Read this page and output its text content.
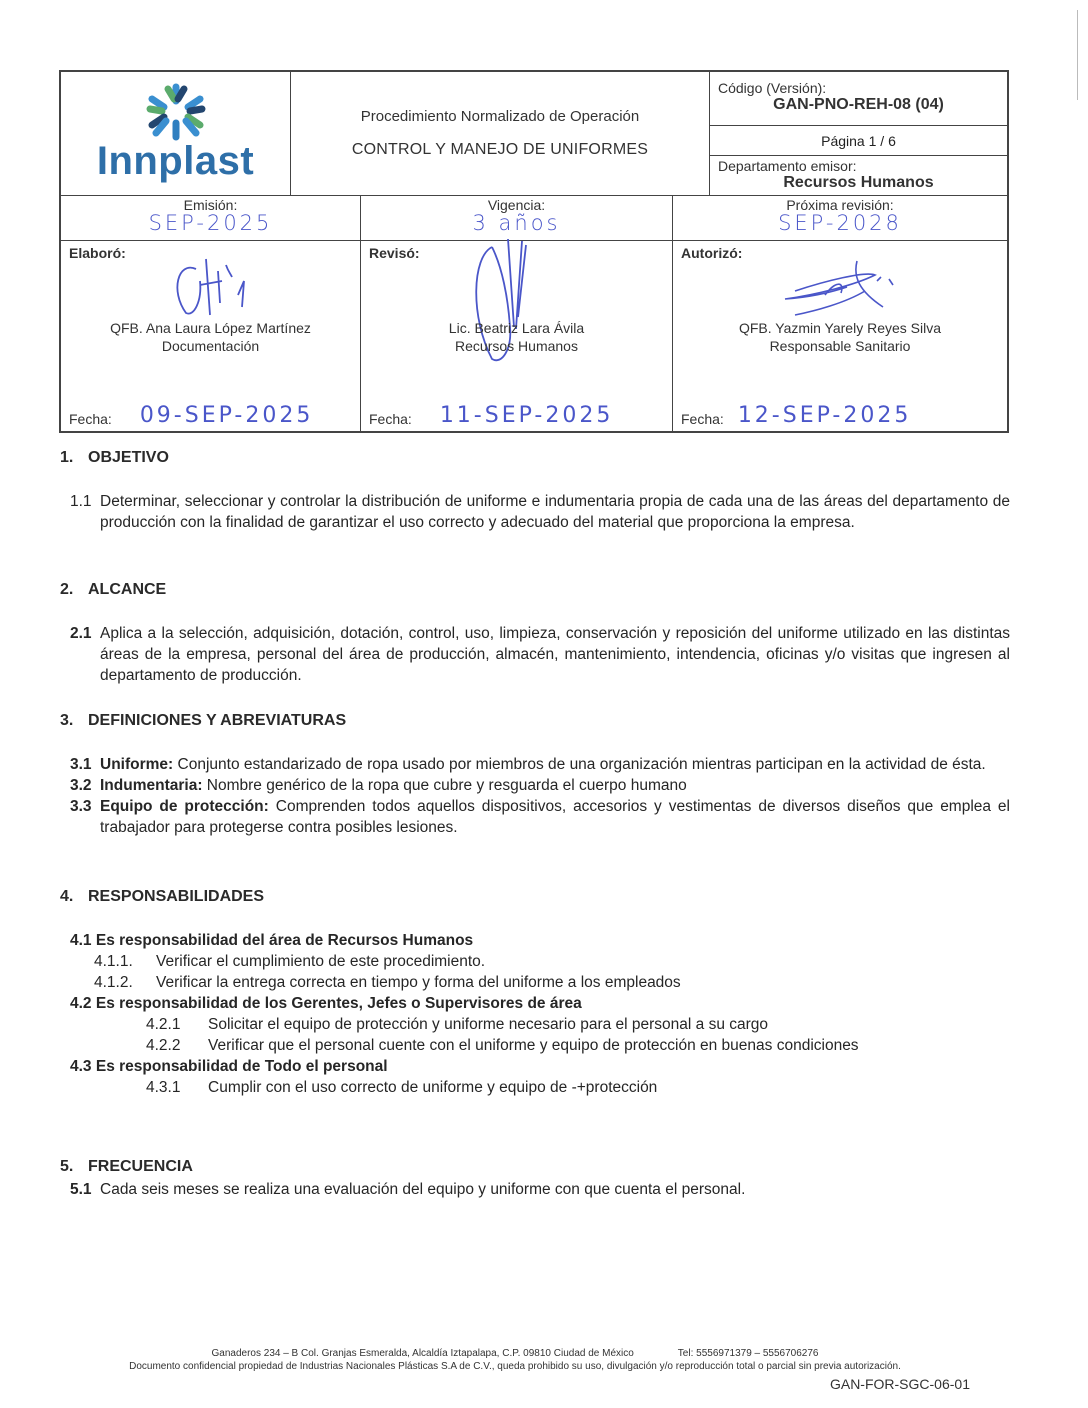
Innplast
Procedimiento Normalizado de Operación
CONTROL Y MANEJO DE UNIFORMES
Código (Versión):
GAN-PNO-REH-08 (04)
Página 1 / 6
Departamento emisor:
Recursos Humanos
Emisión:
SEP-2025
Vigencia:
3 años
Próxima revisión:
SEP-2028
Elaboró:
QFB. Ana Laura López Martínez
Documentación
Fecha: 09-SEP-2025
Revisó:
Lic. Beatriz Lara Ávila
Recursos Humanos
Fecha: 11-SEP-2025
Autorizó:
QFB. Yazmin Yarely Reyes Silva
Responsable Sanitario
Fecha: 12-SEP-2025
1. OBJETIVO
1.1 Determinar, seleccionar y controlar la distribución de uniforme e indumentaria propia de cada una de las áreas del departamento de producción con la finalidad de garantizar el uso correcto y adecuado del material que proporciona la empresa.
2. ALCANCE
2.1 Aplica a la selección, adquisición, dotación, control, uso, limpieza, conservación y reposición del uniforme utilizado en las distintas áreas de la empresa, personal del área de producción, almacén, mantenimiento, intendencia, oficinas y/o visitas que ingresen al departamento de producción.
3. DEFINICIONES Y ABREVIATURAS
3.1 Uniforme: Conjunto estandarizado de ropa usado por miembros de una organización mientras participan en la actividad de ésta.
3.2 Indumentaria: Nombre genérico de la ropa que cubre y resguarda el cuerpo humano
3.3 Equipo de protección: Comprenden todos aquellos dispositivos, accesorios y vestimentas de diversos diseños que emplea el trabajador para protegerse contra posibles lesiones.
4. RESPONSABILIDADES
4.1 Es responsabilidad del área de Recursos Humanos
4.1.1.	Verificar el cumplimiento de este procedimiento.
4.1.2.	Verificar la entrega correcta en tiempo y forma del uniforme a los empleados
4.2 Es responsabilidad de los Gerentes, Jefes o Supervisores de área
4.2.1	Solicitar el equipo de protección y uniforme necesario para el personal a su cargo
4.2.2	Verificar que el personal cuente con el uniforme y equipo de protección en buenas condiciones
4.3 Es responsabilidad de Todo el personal
4.3.1	Cumplir con el uso correcto de uniforme y equipo de -+protección
5. FRECUENCIA
5.1 Cada seis meses se realiza una evaluación del equipo y uniforme con que cuenta el personal.
Ganaderos 234 – B Col. Granjas Esmeralda, Alcaldía Iztapalapa, C.P. 09810 Ciudad de México	Tel: 5556971379 – 5556706276
Documento confidencial propiedad de Industrias Nacionales Plásticas S.A de C.V., queda prohibido su uso, divulgación y/o reproducción total o parcial sin previa autorización.
GAN-FOR-SGC-06-01
